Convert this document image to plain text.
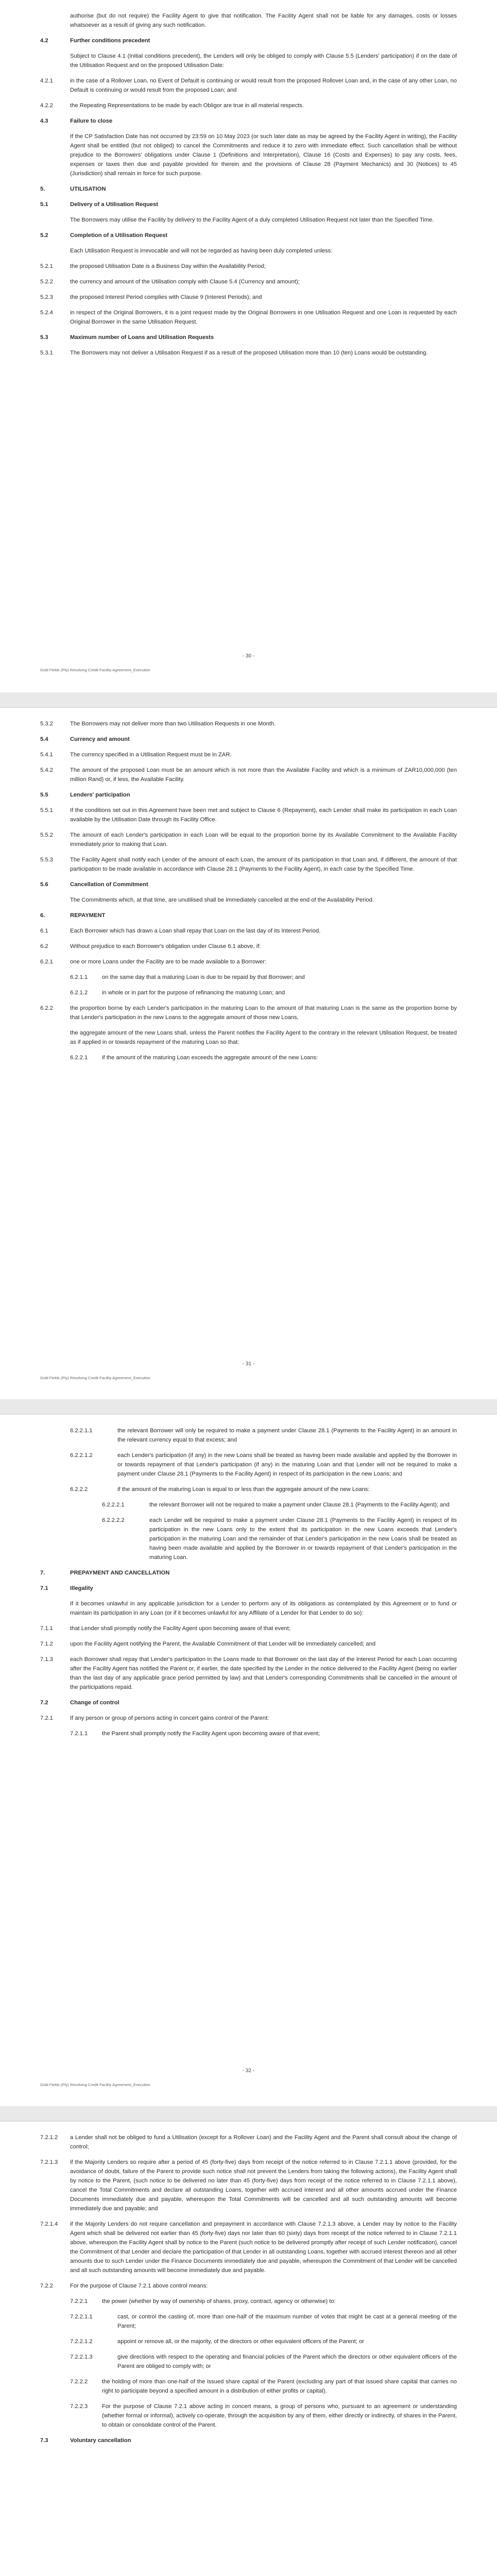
authorise (but do not require) the Facility Agent to give that notification. The Facility Agent shall not be liable for any damages, costs or losses whatsoever as a result of giving any such notification.
4.2	Further conditions precedent
Subject to Clause 4.1 (Initial conditions precedent), the Lenders will only be obliged to comply with Clause 5.5 (Lenders' participation) if on the date of the Utilisation Request and on the proposed Utilisation Date:
4.2.1	in the case of a Rollover Loan, no Event of Default is continuing or would result from the proposed Rollover Loan and, in the case of any other Loan, no Default is continuing or would result from the proposed Loan; and
4.2.2	the Repeating Representations to be made by each Obligor are true in all material respects.
4.3	Failure to close
If the CP Satisfaction Date has not occurred by 23:59 on 10 May 2023 (or such later date as may be agreed by the Facility Agent in writing), the Facility Agent shall be entitled (but not obliged) to cancel the Commitments and reduce it to zero with immediate effect. Such cancellation shall be without prejudice to the Borrowers' obligations under Clause 1 (Definitions and Interpretation), Clause 16 (Costs and Expenses) to pay any costs, fees, expenses or taxes then due and payable provided for therein and the provisions of Clause 28 (Payment Mechanics) and 30 (Notices) to 45 (Jurisdiction) shall remain in force for such purpose.
5.	UTILISATION
5.1	Delivery of a Utilisation Request
The Borrowers may utilise the Facility by delivery to the Facility Agent of a duly completed Utilisation Request not later than the Specified Time.
5.2	Completion of a Utilisation Request
Each Utilisation Request is irrevocable and will not be regarded as having been duly completed unless:
5.2.1	the proposed Utilisation Date is a Business Day within the Availability Period;
5.2.2	the currency and amount of the Utilisation comply with Clause 5.4 (Currency and amount);
5.2.3	the proposed Interest Period complies with Clause 9 (Interest Periods); and
5.2.4	in respect of the Original Borrowers, it is a joint request made by the Original Borrowers in one Utilisation Request and one Loan is requested by each Original Borrower in the same Utilisation Request.
5.3	Maximum number of Loans and Utilisation Requests
5.3.1	The Borrowers may not deliver a Utilisation Request if as a result of the proposed Utilisation more than 10 (ten) Loans would be outstanding.
- 30 -
Gold Fields (Pty) Revolving Credit Facility Agreement_Execution
5.3.2	The Borrowers may not deliver more than two Utilisation Requests in one Month.
5.4	Currency and amount
5.4.1	The currency specified in a Utilisation Request must be in ZAR.
5.4.2	The amount of the proposed Loan must be an amount which is not more than the Available Facility and which is a minimum of ZAR10,000,000 (ten million Rand) or, if less, the Available Facility.
5.5	Lenders' participation
5.5.1	If the conditions set out in this Agreement have been met and subject to Clause 6 (Repayment), each Lender shall make its participation in each Loan available by the Utilisation Date through its Facility Office.
5.5.2	The amount of each Lender's participation in each Loan will be equal to the proportion borne by its Available Commitment to the Available Facility immediately prior to making that Loan.
5.5.3	The Facility Agent shall notify each Lender of the amount of each Loan, the amount of its participation in that Loan and, if different, the amount of that participation to be made available in accordance with Clause 28.1 (Payments to the Facility Agent), in each case by the Specified Time.
5.6	Cancellation of Commitment
The Commitments which, at that time, are unutilised shall be immediately cancelled at the end of the Availability Period.
6.	REPAYMENT
6.1	Each Borrower which has drawn a Loan shall repay that Loan on the last day of its Interest Period.
6.2	Without prejudice to each Borrower's obligation under Clause 6.1 above, if:
6.2.1	one or more Loans under the Facility are to be made available to a Borrower:
6.2.1.1	on the same day that a maturing Loan is due to be repaid by that Borrower; and
6.2.1.2	in whole or in part for the purpose of refinancing the maturing Loan; and
6.2.2	the proportion borne by each Lender's participation in the maturing Loan to the amount of that maturing Loan is the same as the proportion borne by that Lender's participation in the new Loans to the aggregate amount of those new Loans,
the aggregate amount of the new Loans shall, unless the Parent notifies the Facility Agent to the contrary in the relevant Utilisation Request, be treated as if applied in or towards repayment of the maturing Loan so that:
6.2.2.1	if the amount of the maturing Loan exceeds the aggregate amount of the new Loans:
- 31 -
Gold Fields (Pty) Revolving Credit Facility Agreement_Execution
6.2.2.1.1	the relevant Borrower will only be required to make a payment under Clause 28.1 (Payments to the Facility Agent) in an amount in the relevant currency equal to that excess; and
6.2.2.1.2	each Lender's participation (if any) in the new Loans shall be treated as having been made available and applied by the Borrower in or towards repayment of that Lender's participation (if any) in the maturing Loan and that Lender will not be required to make a payment under Clause 28.1 (Payments to the Facility Agent) in respect of its participation in the new Loans; and
6.2.2.2	if the amount of the maturing Loan is equal to or less than the aggregate amount of the new Loans:
6.2.2.2.1	the relevant Borrower will not be required to make a payment under Clause 28.1 (Payments to the Facility Agent); and
6.2.2.2.2	each Lender will be required to make a payment under Clause 28.1 (Payments to the Facility Agent) in respect of its participation in the new Loans only to the extent that its participation in the new Loans exceeds that Lender's participation in the maturing Loan and the remainder of that Lender's participation in the new Loans shall be treated as having been made available and applied by the Borrower in or towards repayment of that Lender's participation in the maturing Loan.
7.	PREPAYMENT AND CANCELLATION
7.1	Illegality
If it becomes unlawful in any applicable jurisdiction for a Lender to perform any of its obligations as contemplated by this Agreement or to fund or maintain its participation in any Loan (or if it becomes unlawful for any Affiliate of a Lender for that Lender to do so):
7.1.1	that Lender shall promptly notify the Facility Agent upon becoming aware of that event;
7.1.2	upon the Facility Agent notifying the Parent, the Available Commitment of that Lender will be immediately cancelled; and
7.1.3	each Borrower shall repay that Lender's participation in the Loans made to that Borrower on the last day of the Interest Period for each Loan occurring after the Facility Agent has notified the Parent or, if earlier, the date specified by the Lender in the notice delivered to the Facility Agent (being no earlier than the last day of any applicable grace period permitted by law) and that Lender's corresponding Commitments shall be cancelled in the amount of the participations repaid.
7.2	Change of control
7.2.1	If any person or group of persons acting in concert gains control of the Parent:
7.2.1.1	the Parent shall promptly notify the Facility Agent upon becoming aware of that event;
- 32 -
Gold Fields (Pty) Revolving Credit Facility Agreement_Execution
7.2.1.2	a Lender shall not be obliged to fund a Utilisation (except for a Rollover Loan) and the Facility Agent and the Parent shall consult about the change of control;
7.2.1.3	if the Majority Lenders so require after a period of 45 (forty-five) days from receipt of the notice referred to in Clause 7.2.1.1 above (provided, for the avoidance of doubt, failure of the Parent to provide such notice shall not prevent the Lenders from taking the following actions), the Facility Agent shall by notice to the Parent, (such notice to be delivered no later than 45 (forty-five) days from receipt of the notice referred to in Clause 7.2.1.1 above), cancel the Total Commitments and declare all outstanding Loans, together with accrued interest and all other amounts accrued under the Finance Documents immediately due and payable, whereupon the Total Commitments will be cancelled and all such outstanding amounts will become immediately due and payable; and
7.2.1.4	if the Majority Lenders do not require cancellation and prepayment in accordance with Clause 7.2.1.3 above, a Lender may by notice to the Facility Agent which shall be delivered not earlier than 45 (forty-five) days nor later than 60 (sixty) days from receipt of the notice referred to in Clause 7.2.1.1 above, whereupon the Facility Agent shall by notice to the Parent (such notice to be delivered promptly after receipt of such Lender notification), cancel the Commitment of that Lender and declare the participation of that Lender in all outstanding Loans, together with accrued interest thereon and all other amounts due to such Lender under the Finance Documents immediately due and payable, whereupon the Commitment of that Lender will be cancelled and all such outstanding amounts will become immediately due and payable.
7.2.2	For the purpose of Clause 7.2.1 above control means:
7.2.2.1	the power (whether by way of ownership of shares, proxy, contract, agency or otherwise) to:
7.2.2.1.1	cast, or control the casting of, more than one-half of the maximum number of votes that might be cast at a general meeting of the Parent;
7.2.2.1.2	appoint or remove all, or the majority, of the directors or other equivalent officers of the Parent; or
7.2.2.1.3	give directions with respect to the operating and financial policies of the Parent which the directors or other equivalent officers of the Parent are obliged to comply with; or
7.2.2.2	the holding of more than one-half of the issued share capital of the Parent (excluding any part of that issued share capital that carries no right to participate beyond a specified amount in a distribution of either profits or capital).
7.2.2.3	For the purpose of Clause 7.2.1 above acting in concert means, a group of persons who, pursuant to an agreement or understanding (whether formal or informal), actively co-operate, through the acquisition by any of them, either directly or indirectly, of shares in the Parent, to obtain or consolidate control of the Parent.
7.3	Voluntary cancellation
